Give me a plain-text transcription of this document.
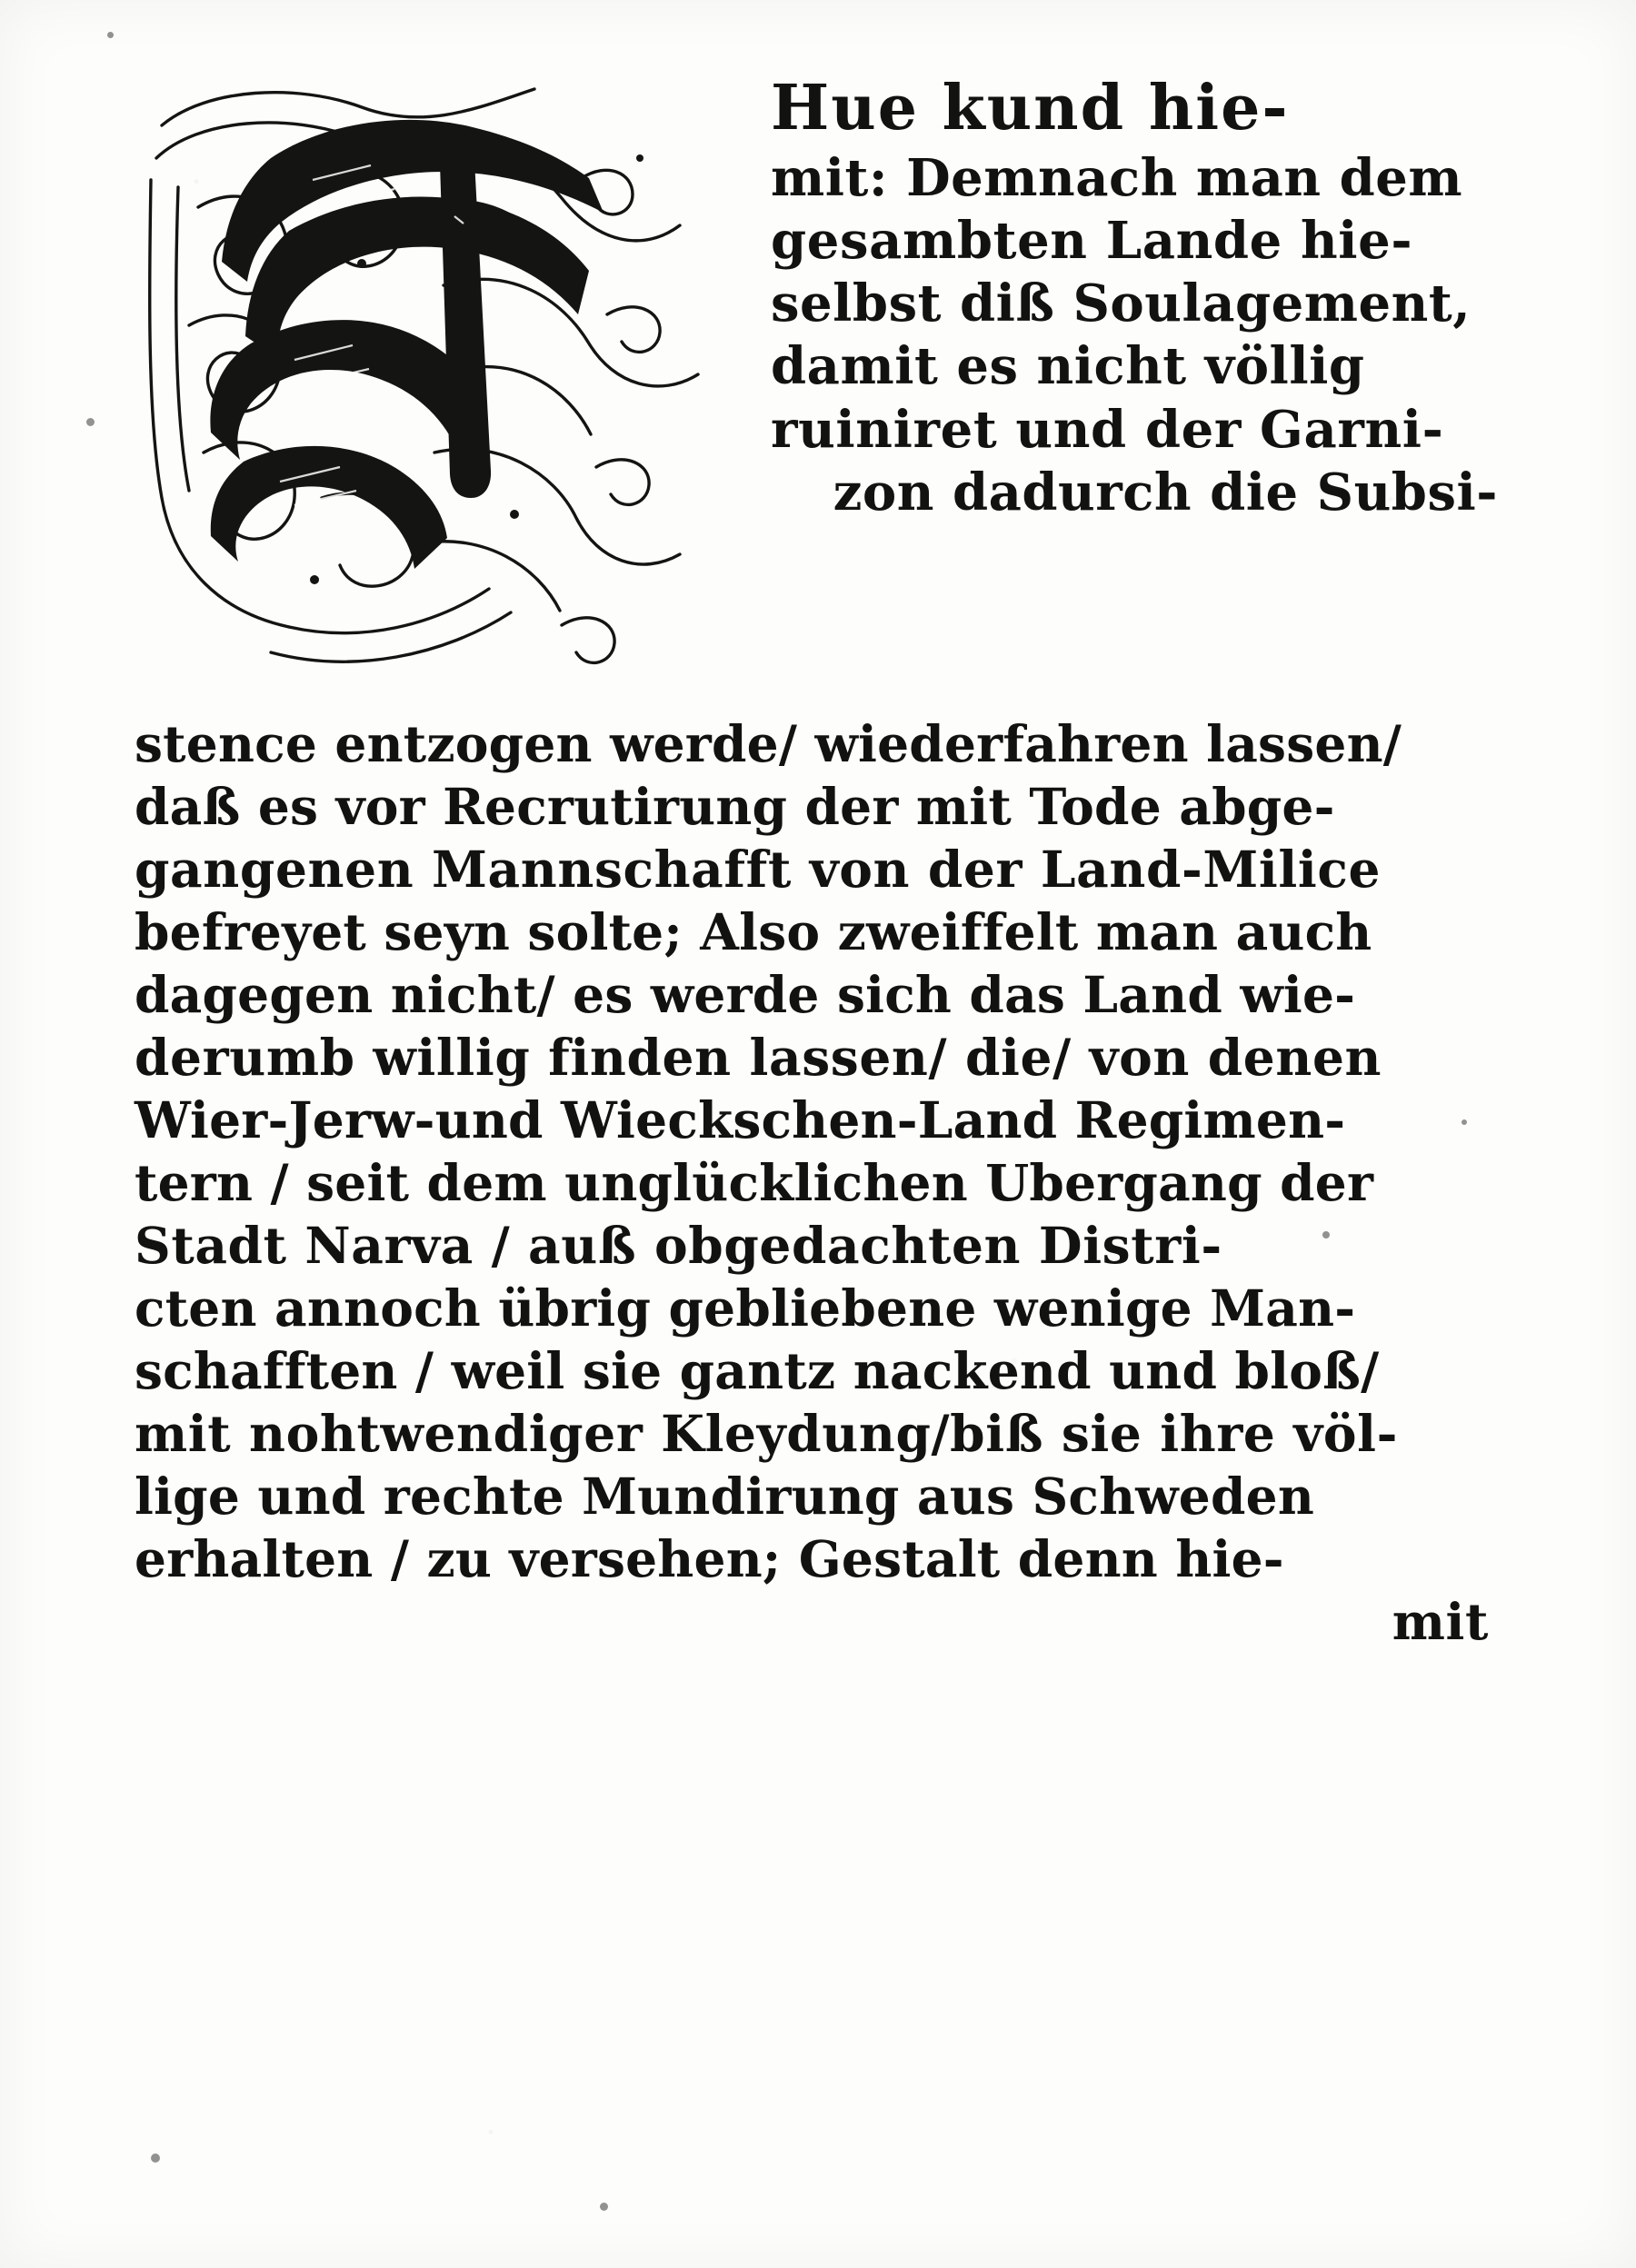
Hue kund hie-
mit: Demnach man dem
gesambten Lande hie-
selbst diß Soulagement,
damit es nicht völlig
ruiniret und der Garni-
zon dadurch die Subsi-
stence entzogen werde/ wiederfahren lassen/
daß es vor Recrutirung der mit Tode abge-
gangenen Mannschafft von der Land-Milice
befreyet seyn solte; Also zweiffelt man auch
dagegen nicht/ es werde sich das Land wie-
derumb willig finden lassen/ die/ von denen
Wier-Jerw-und Wieckschen-Land Regimen-
tern / seit dem unglücklichen Ubergang der
Stadt Narva / auß obgedachten Distri-
cten annoch übrig gebliebene wenige Man-
schafften / weil sie gantz nackend und bloß/
mit nohtwendiger Kleydung/biß sie ihre völ-
lige und rechte Mundirung aus Schweden
erhalten / zu versehen; Gestalt denn hie-
mit
